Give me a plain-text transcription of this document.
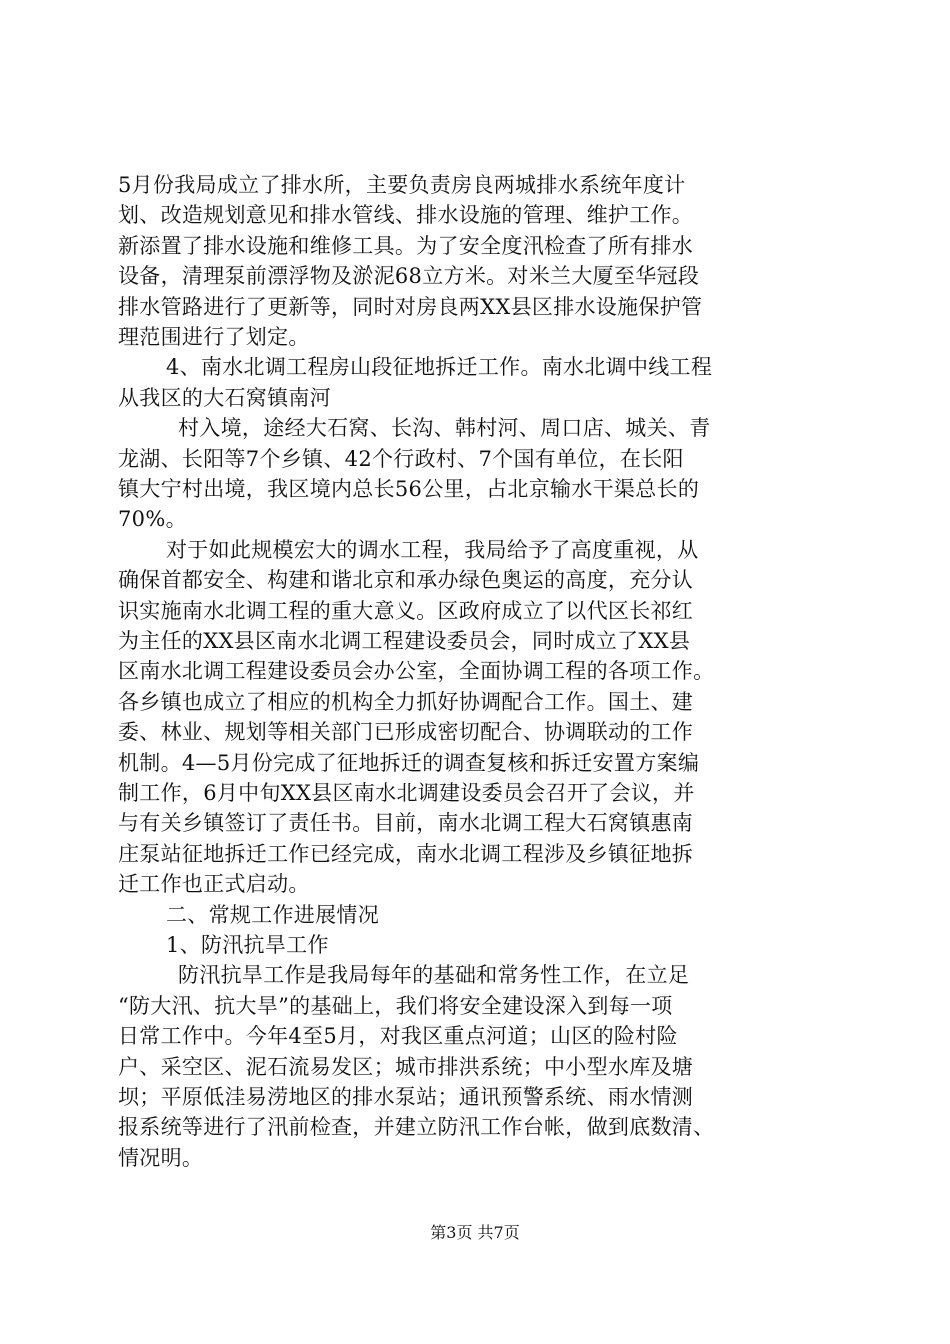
5月份我局成立了排水所，主要负责房良两城排水系统年度计
划、改造规划意见和排水管线、排水设施的管理、维护工作。
新添置了排水设施和维修工具。为了安全度汛检查了所有排水
设备，清理泵前漂浮物及淤泥68立方米。对米兰大厦至华冠段
排水管路进行了更新等，同时对房良两XX县区排水设施保护管
理范围进行了划定。
4、南水北调工程房山段征地拆迁工作。南水北调中线工程
从我区的大石窝镇南河
村入境，途经大石窝、长沟、韩村河、周口店、城关、青
龙湖、长阳等7个乡镇、42个行政村、7个国有单位，在长阳
镇大宁村出境，我区境内总长56公里，占北京输水干渠总长的
70%。
对于如此规模宏大的调水工程，我局给予了高度重视，从
确保首都安全、构建和谐北京和承办绿色奥运的高度，充分认
识实施南水北调工程的重大意义。区政府成立了以代区长祁红
为主任的XX县区南水北调工程建设委员会，同时成立了XX县
区南水北调工程建设委员会办公室，全面协调工程的各项工作。
各乡镇也成立了相应的机构全力抓好协调配合工作。国土、建
委、林业、规划等相关部门已形成密切配合、协调联动的工作
机制。4—5月份完成了征地拆迁的调查复核和拆迁安置方案编
制工作，6月中旬XX县区南水北调建设委员会召开了会议，并
与有关乡镇签订了责任书。目前，南水北调工程大石窝镇惠南
庄泵站征地拆迁工作已经完成，南水北调工程涉及乡镇征地拆
迁工作也正式启动。
二、常规工作进展情况
1、防汛抗旱工作
防汛抗旱工作是我局每年的基础和常务性工作，在立足
“防大汛、抗大旱”的基础上，我们将安全建设深入到每一项
日常工作中。今年4至5月，对我区重点河道；山区的险村险
户、采空区、泥石流易发区；城市排洪系统；中小型水库及塘
坝；平原低洼易涝地区的排水泵站；通讯预警系统、雨水情测
报系统等进行了汛前检查，并建立防汛工作台帐，做到底数清、
情况明。
第3页 共7页
